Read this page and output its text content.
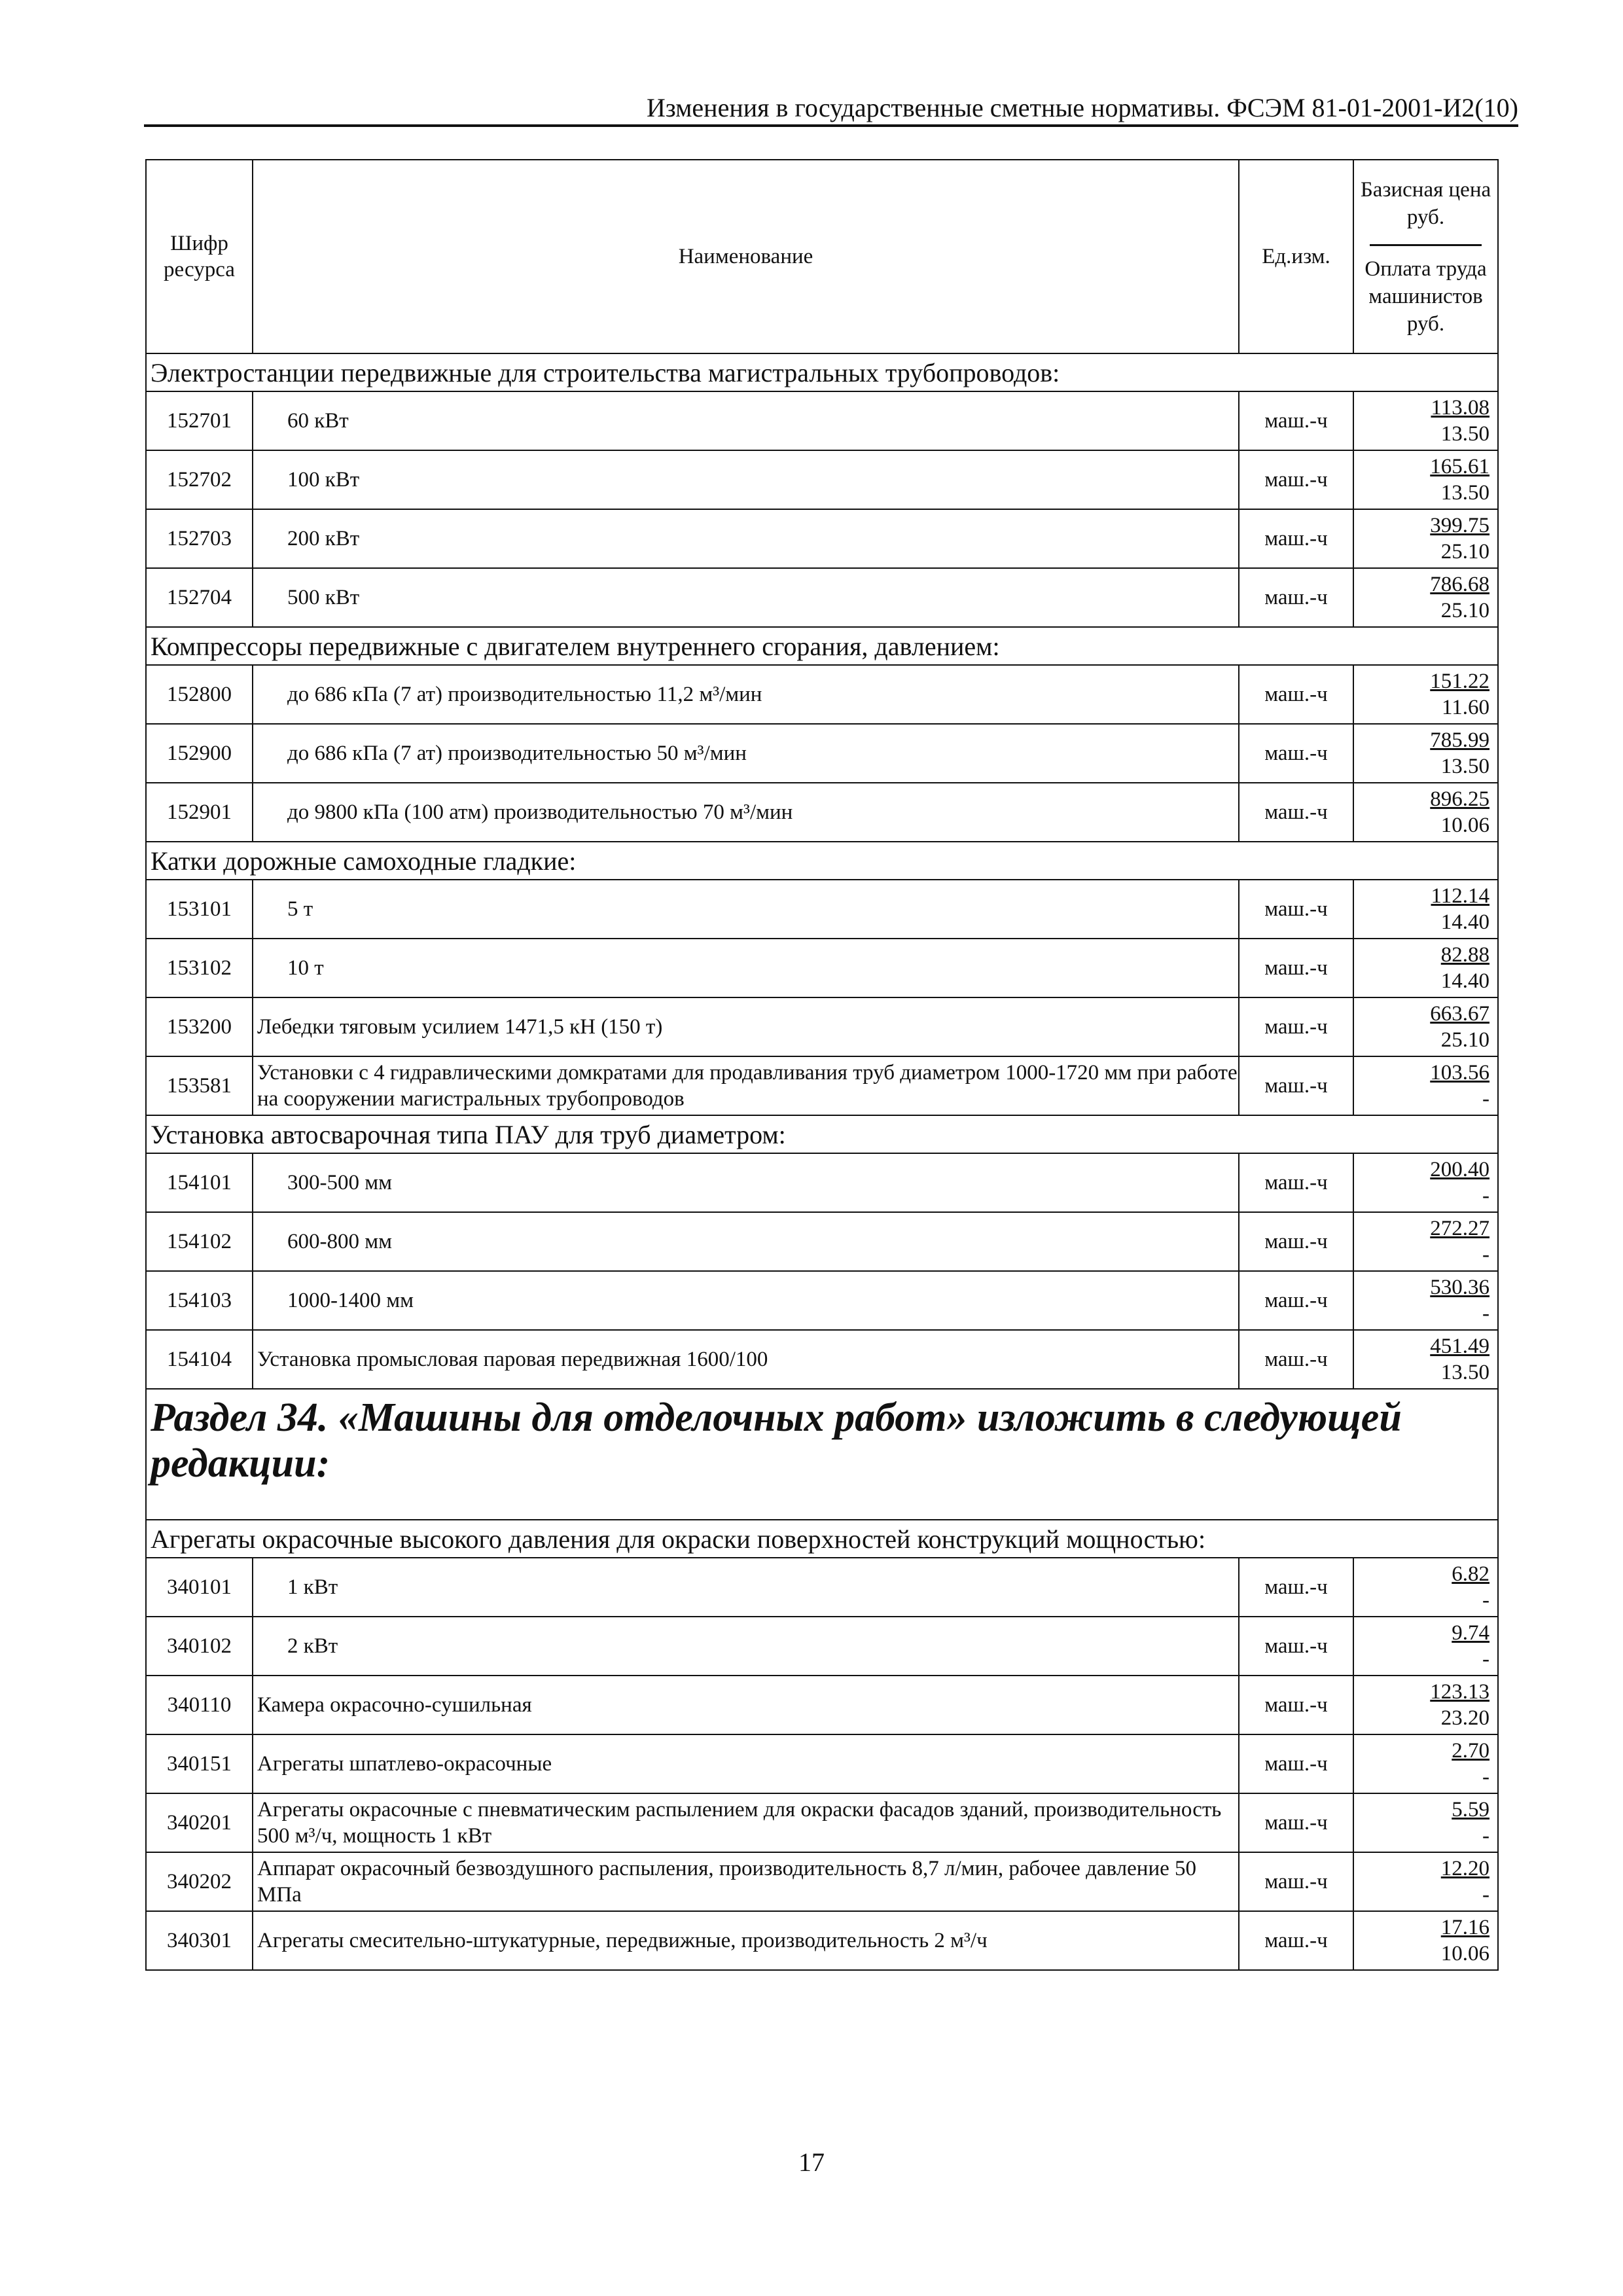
Изменения в государственные сметные нормативы. ФСЭМ 81-01-2001-И2(10)
Шифр ресурса	Наименование	Ед.изм.	Базисная цена руб.
Оплата труда машинистов руб.
Электростанции передвижные для строительства магистральных трубопроводов:			
152701	60 кВт	маш.-ч	113.08
13.50

152702	100 кВт	маш.-ч	165.61
13.50

152703	200 кВт	маш.-ч	399.75
25.10

152704	500 кВт	маш.-ч	786.68
25.10

Компрессоры передвижные с двигателем внутреннего сгорания, давлением:			
152800	до 686 кПа (7 ат) производительностью 11,2 м³/мин	маш.-ч	151.22
11.60

152900	до 686 кПа (7 ат) производительностью 50 м³/мин	маш.-ч	785.99
13.50

152901	до 9800 кПа (100 атм) производительностью 70 м³/мин	маш.-ч	896.25
10.06

Катки дорожные самоходные гладкие:			
153101	5 т	маш.-ч	112.14
14.40

153102	10 т	маш.-ч	82.88
14.40

153200	Лебедки тяговым усилием 1471,5 кН (150 т)	маш.-ч	663.67
25.10

153581	Установки с 4 гидравлическими домкратами для продавливания труб диаметром 1000-1720 мм при работе на сооружении магистральных трубопроводов	маш.-ч	103.56
-

Установка автосварочная типа ПАУ для труб диаметром:			
154101	300-500 мм	маш.-ч	200.40
-

154102	600-800 мм	маш.-ч	272.27
-

154103	1000-1400 мм	маш.-ч	530.36
-

154104	Установка промысловая паровая передвижная 1600/100	маш.-ч	451.49
13.50

Раздел 34. «Машины для отделочных работ» изложить в следующей редакции:			
Агрегаты окрасочные высокого давления для окраски поверхностей конструкций мощностью:			
340101	1 кВт	маш.-ч	6.82
-

340102	2 кВт	маш.-ч	9.74
-

340110	Камера окрасочно-сушильная	маш.-ч	123.13
23.20

340151	Агрегаты шпатлево-окрасочные	маш.-ч	2.70
-

340201	Агрегаты окрасочные с пневматическим распылением для окраски фасадов зданий, производительность 500 м³/ч, мощность 1 кВт	маш.-ч	5.59
-

340202	Аппарат окрасочный безвоздушного распыления, производительность 8,7 л/мин, рабочее давление 50 МПа	маш.-ч	12.20
-

340301	Агрегаты смесительно-штукатурные, передвижные, производительность 2 м³/ч	маш.-ч	17.16
10.06
17
